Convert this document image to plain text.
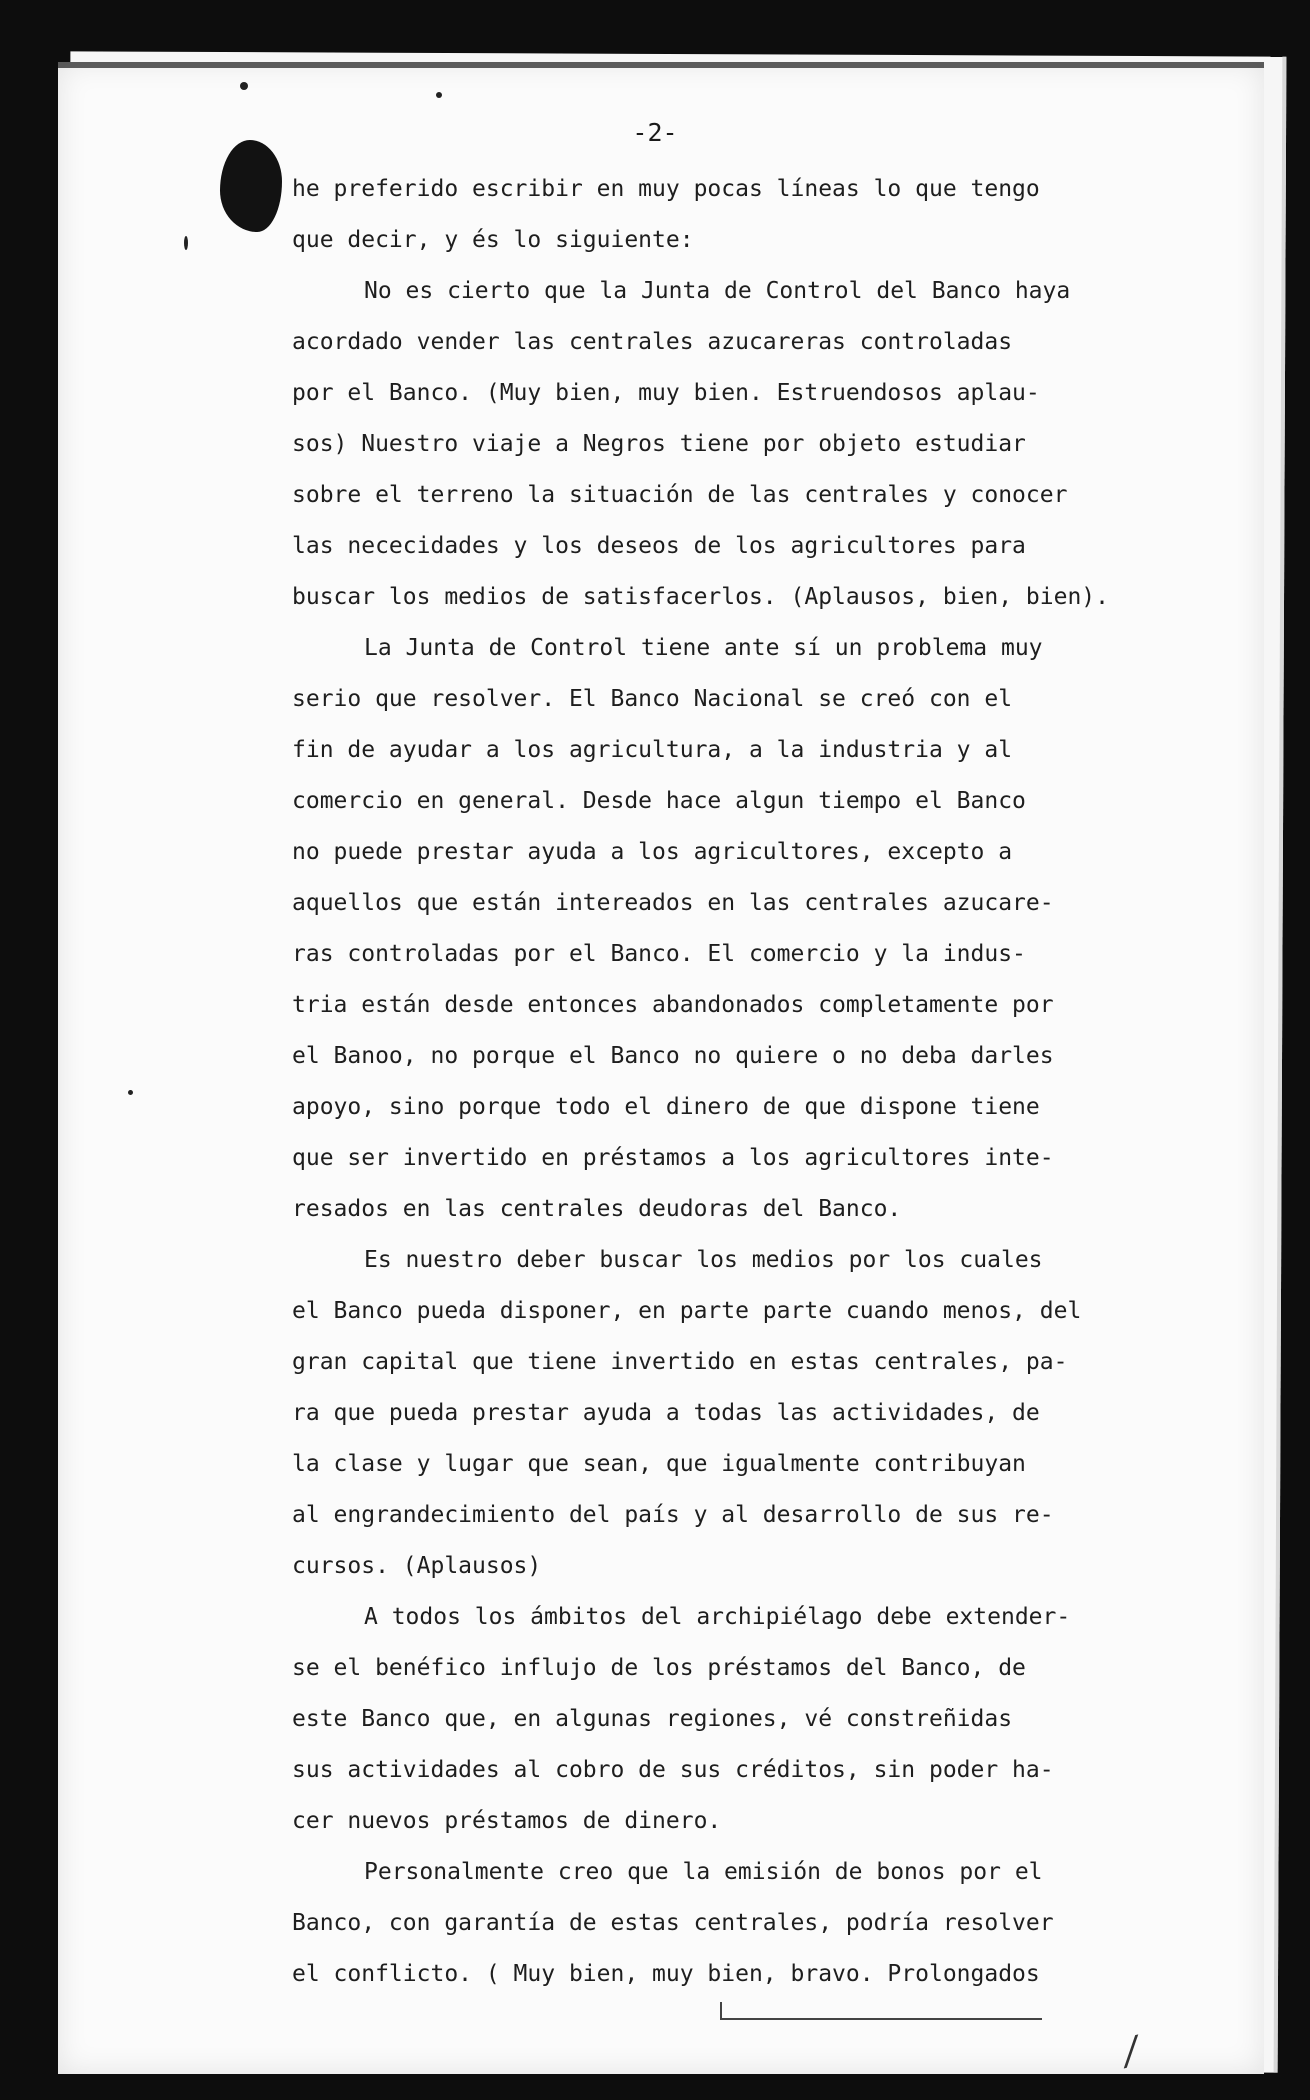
-2-
he preferido escribir en muy pocas líneas lo que tengo
que decir, y és lo siguiente:
No es cierto que la Junta de Control del Banco haya
acordado vender las centrales azucareras controladas
por el Banco. (Muy bien, muy bien. Estruendosos aplau-
sos) Nuestro viaje a Negros tiene por objeto estudiar
sobre el terreno la situación de las centrales y conocer
las nececidades y los deseos de los agricultores para
buscar los medios de satisfacerlos. (Aplausos, bien, bien).
La Junta de Control tiene ante sí un problema muy
serio que resolver. El Banco Nacional se creó con el
fin de ayudar a los agricultura, a la industria y al
comercio en general. Desde hace algun tiempo el Banco
no puede prestar ayuda a los agricultores, excepto a
aquellos que están intereados en las centrales azucare-
ras controladas por el Banco. El comercio y la indus-
tria están desde entonces abandonados completamente por
el Banoo, no porque el Banco no quiere o no deba darles
apoyo, sino porque todo el dinero de que dispone tiene
que ser invertido en préstamos a los agricultores inte-
resados en las centrales deudoras del Banco.
Es nuestro deber buscar los medios por los cuales
el Banco pueda disponer, en parte parte cuando menos, del
gran capital que tiene invertido en estas centrales, pa-
ra que pueda prestar ayuda a todas las actividades, de
la clase y lugar que sean, que igualmente contribuyan
al engrandecimiento del país y al desarrollo de sus re-
cursos. (Aplausos)
A todos los ámbitos del archipiélago debe extender-
se el benéfico influjo de los préstamos del Banco, de
este Banco que, en algunas regiones, vé constreñidas
sus actividades al cobro de sus créditos, sin poder ha-
cer nuevos préstamos de dinero.
Personalmente creo que la emisión de bonos por el
Banco, con garantía de estas centrales, podría resolver
el conflicto. ( Muy bien, muy bien, bravo. Prolongados
⁄
